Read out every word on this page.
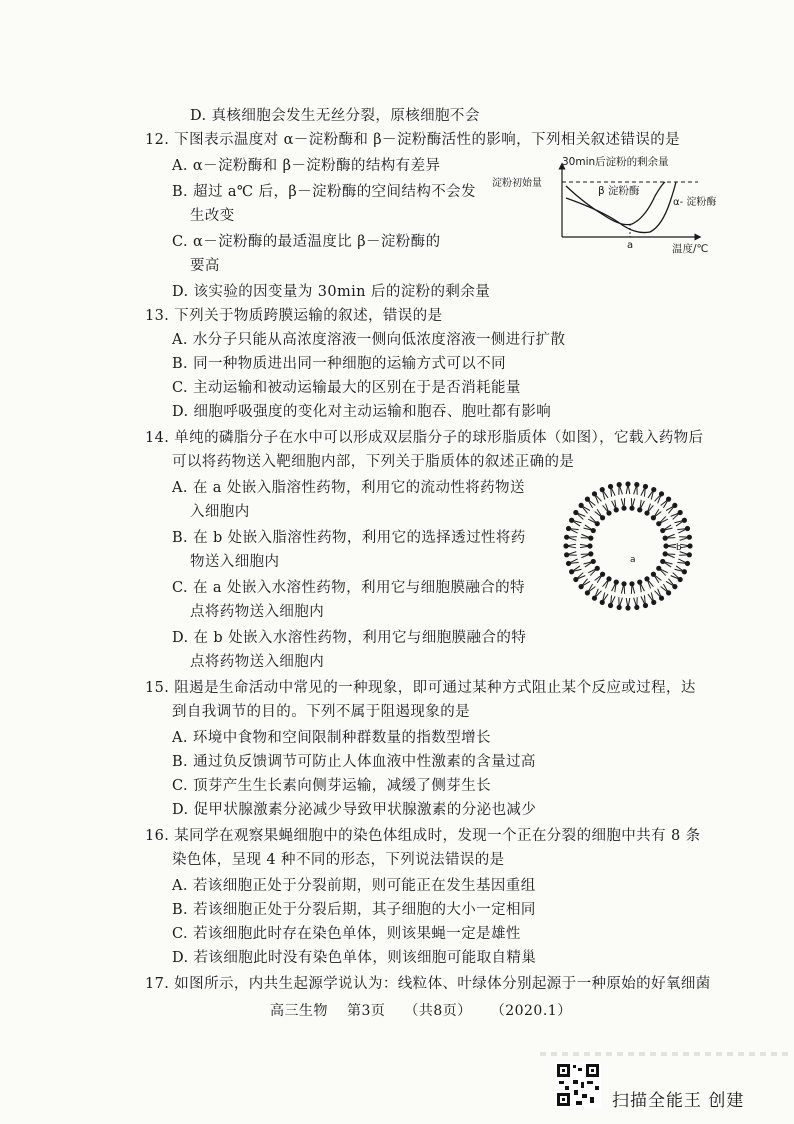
D. 真核细胞会发生无丝分裂，原核细胞不会
12. 下图表示温度对 α－淀粉酶和 β－淀粉酶活性的影响，下列相关叙述错误的是
A. α－淀粉酶和 β－淀粉酶的结构有差异
B. 超过 a℃ 后，β－淀粉酶的空间结构不会发
生改变
C. α－淀粉酶的最适温度比 β－淀粉酶的
要高
D. 该实验的因变量为 30min 后的淀粉的剩余量
13. 下列关于物质跨膜运输的叙述，错误的是
A. 水分子只能从高浓度溶液一侧向低浓度溶液一侧进行扩散
B. 同一种物质进出同一种细胞的运输方式可以不同
C. 主动运输和被动运输最大的区别在于是否消耗能量
D. 细胞呼吸强度的变化对主动运输和胞吞、胞吐都有影响
14. 单纯的磷脂分子在水中可以形成双层脂分子的球形脂质体（如图），它载入药物后
可以将药物送入靶细胞内部，下列关于脂质体的叙述正确的是
A. 在 a 处嵌入脂溶性药物，利用它的流动性将药物送
入细胞内
B. 在 b 处嵌入脂溶性药物，利用它的选择透过性将药
物送入细胞内
C. 在 a 处嵌入水溶性药物，利用它与细胞膜融合的特
点将药物送入细胞内
D. 在 b 处嵌入水溶性药物，利用它与细胞膜融合的特
点将药物送入细胞内
15. 阻遏是生命活动中常见的一种现象，即可通过某种方式阻止某个反应或过程，达
到自我调节的目的。下列不属于阻遏现象的是
A. 环境中食物和空间限制种群数量的指数型增长
B. 通过负反馈调节可防止人体血液中性激素的含量过高
C. 顶芽产生生长素向侧芽运输，减缓了侧芽生长
D. 促甲状腺激素分泌减少导致甲状腺激素的分泌也减少
16. 某同学在观察果蝇细胞中的染色体组成时，发现一个正在分裂的细胞中共有 8 条
染色体，呈现 4 种不同的形态，下列说法错误的是
A. 若该细胞正处于分裂前期，则可能正在发生基因重组
B. 若该细胞正处于分裂后期，其子细胞的大小一定相同
C. 若该细胞此时存在染色单体，则该果蝇一定是雄性
D. 若该细胞此时没有染色单体，则该细胞可能取自精巢
17. 如图所示，内共生起源学说认为：线粒体、叶绿体分别起源于一种原始的好氧细菌
30min后淀粉的剩余量
淀粉初始量
β 淀粉酶
α- 淀粉酶
a	温度/℃
a
b
高三生物 第3页 （共8页） （2020.1）
扫描全能王 创建
